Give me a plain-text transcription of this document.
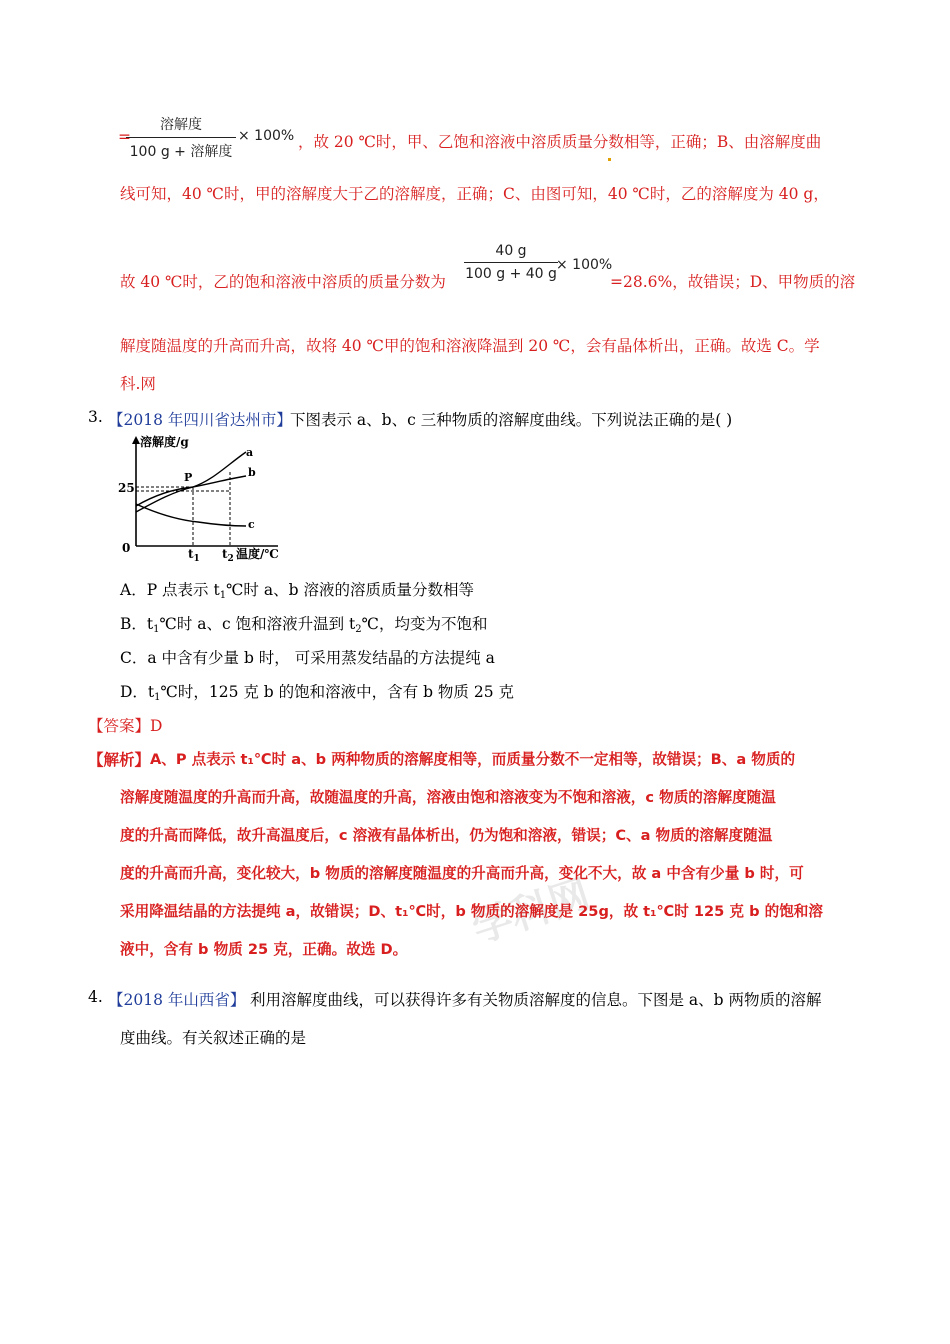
学科网
=
溶解度
100 g + 溶解度
× 100% ，故 20 ℃时，甲、乙饱和溶液中溶质质量分数相等，正确；B、由溶解度曲
线可知，40 ℃时，甲的溶解度大于乙的溶解度，正确；C、由图可知，40 ℃时，乙的溶解度为 40 g，
故 40 ℃时，乙的饱和溶液中溶质的质量分数为 $\frac{40 g}{100 g + 40 g}$
× 100%
=28.6%，故错误；D、甲物质的溶
解度随温度的升高而升高，故将 40 ℃甲的饱和溶液降温到 20 ℃，会有晶体析出，正确。故选 C。学
科.网
3. 【2018 年四川省达州市】
下图表示 a、b、c 三种物质的溶解度曲线。下列说法正确的是( )
溶解度/g
25
0
P
a
b
c
$t_1$ $t_2$ 温度/℃
A．P 点表示 $t_1℃$时 a、b 溶液的溶质质量分数相等
B．$t_1℃$时 a、c 饱和溶液升温到 $t_2℃$，均变为不饱和
C．a 中含有少量 b 时， 可采用蒸发结晶的方法提纯 a
D．$t_1℃$时，125 克 b 的饱和溶液中，含有 b 物质 25 克
【答案】D
【解析】 A、P 点表示 t₁℃时 a、b 两种物质的溶解度相等，而质量分数不一定相等，故错误；B、a 物质的
溶解度随温度的升高而升高，故随温度的升高，溶液由饱和溶液变为不饱和溶液，c 物质的溶解度随温
度的升高而降低，故升高温度后，c 溶液有晶体析出，仍为饱和溶液，错误；C、a 物质的溶解度随温
度的升高而升高，变化较大，b 物质的溶解度随温度的升高而升高，变化不大，故 a 中含有少量 b 时，可
采用降温结晶的方法提纯 a，故错误；D、t₁℃时，b 物质的溶解度是 25g，故 t₁℃时 125 克 b 的饱和溶
液中，含有 b 物质 25 克，正确。故选 D。
4. 【2018 年山西省】 利用溶解度曲线，可以获得许多有关物质溶解度的信息。下图是 a、b 两物质的溶解
度曲线。有关叙述正确的是
